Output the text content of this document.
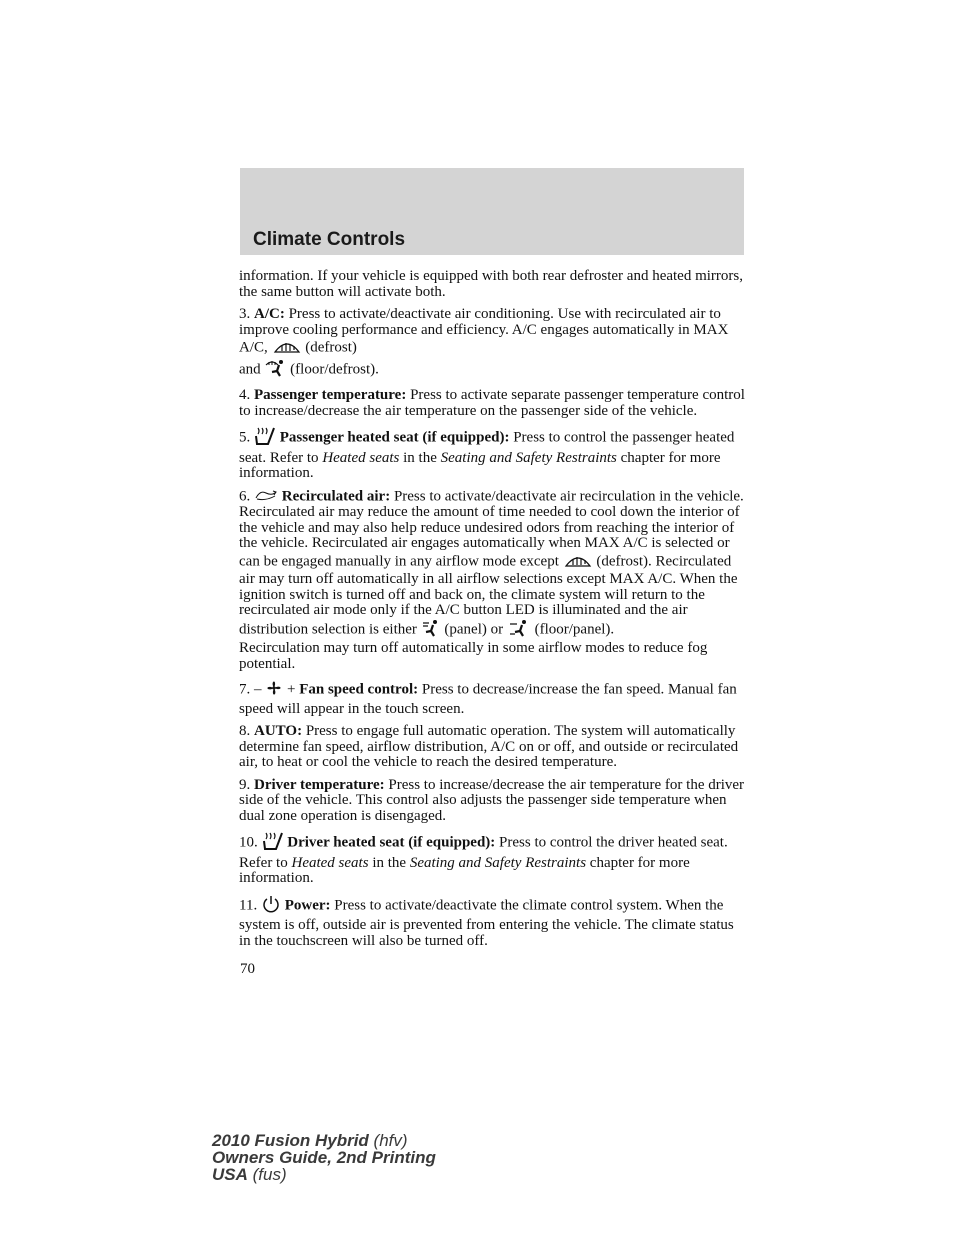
Climate Controls

information. If your vehicle is equipped with both rear defroster and heated mirrors, the same button will activate both.

3. A/C: Press to activate/deactivate air conditioning. Use with recirculated air to improve cooling performance and efficiency. A/C engages automatically in MAX A/C,  (defrost)
and  (floor/defrost).

4. Passenger temperature: Press to activate separate passenger temperature control to increase/decrease the air temperature on the passenger side of the vehicle.

5. Passenger heated seat (if equipped): Press to control the passenger heated seat. Refer to Heated seats in the Seating and Safety Restraints chapter for more information.

6. Recirculated air: Press to activate/deactivate air recirculation in the vehicle. Recirculated air may reduce the amount of time needed to cool down the interior of the vehicle and may also help reduce undesired odors from reaching the interior of the vehicle. Recirculated air engages automatically when MAX A/C is selected or can be engaged manually in any airflow mode except  (defrost). Recirculated air may turn off automatically in all airflow selections except MAX A/C. When the ignition switch is turned off and back on, the climate system will return to the recirculated air mode only if the A/C button LED is illuminated and the air distribution selection is either  (panel) or  (floor/panel).
Recirculation may turn off automatically in some airflow modes to reduce fog potential.

7. –  + Fan speed control: Press to decrease/increase the fan speed. Manual fan speed will appear in the touch screen.

8. AUTO: Press to engage full automatic operation. The system will automatically determine fan speed, airflow distribution, A/C on or off, and outside or recirculated air, to heat or cool the vehicle to reach the desired temperature.

9. Driver temperature: Press to increase/decrease the air temperature for the driver side of the vehicle. This control also adjusts the passenger side temperature when dual zone operation is disengaged.

10. Driver heated seat (if equipped): Press to control the driver heated seat. Refer to Heated seats in the Seating and Safety Restraints chapter for more information.

11. Power: Press to activate/deactivate the climate control system. When the system is off, outside air is prevented from entering the vehicle. The climate status in the touchscreen will also be turned off.

70
2010 Fusion Hybrid (hfv)
Owners Guide, 2nd Printing
USA (fus)
